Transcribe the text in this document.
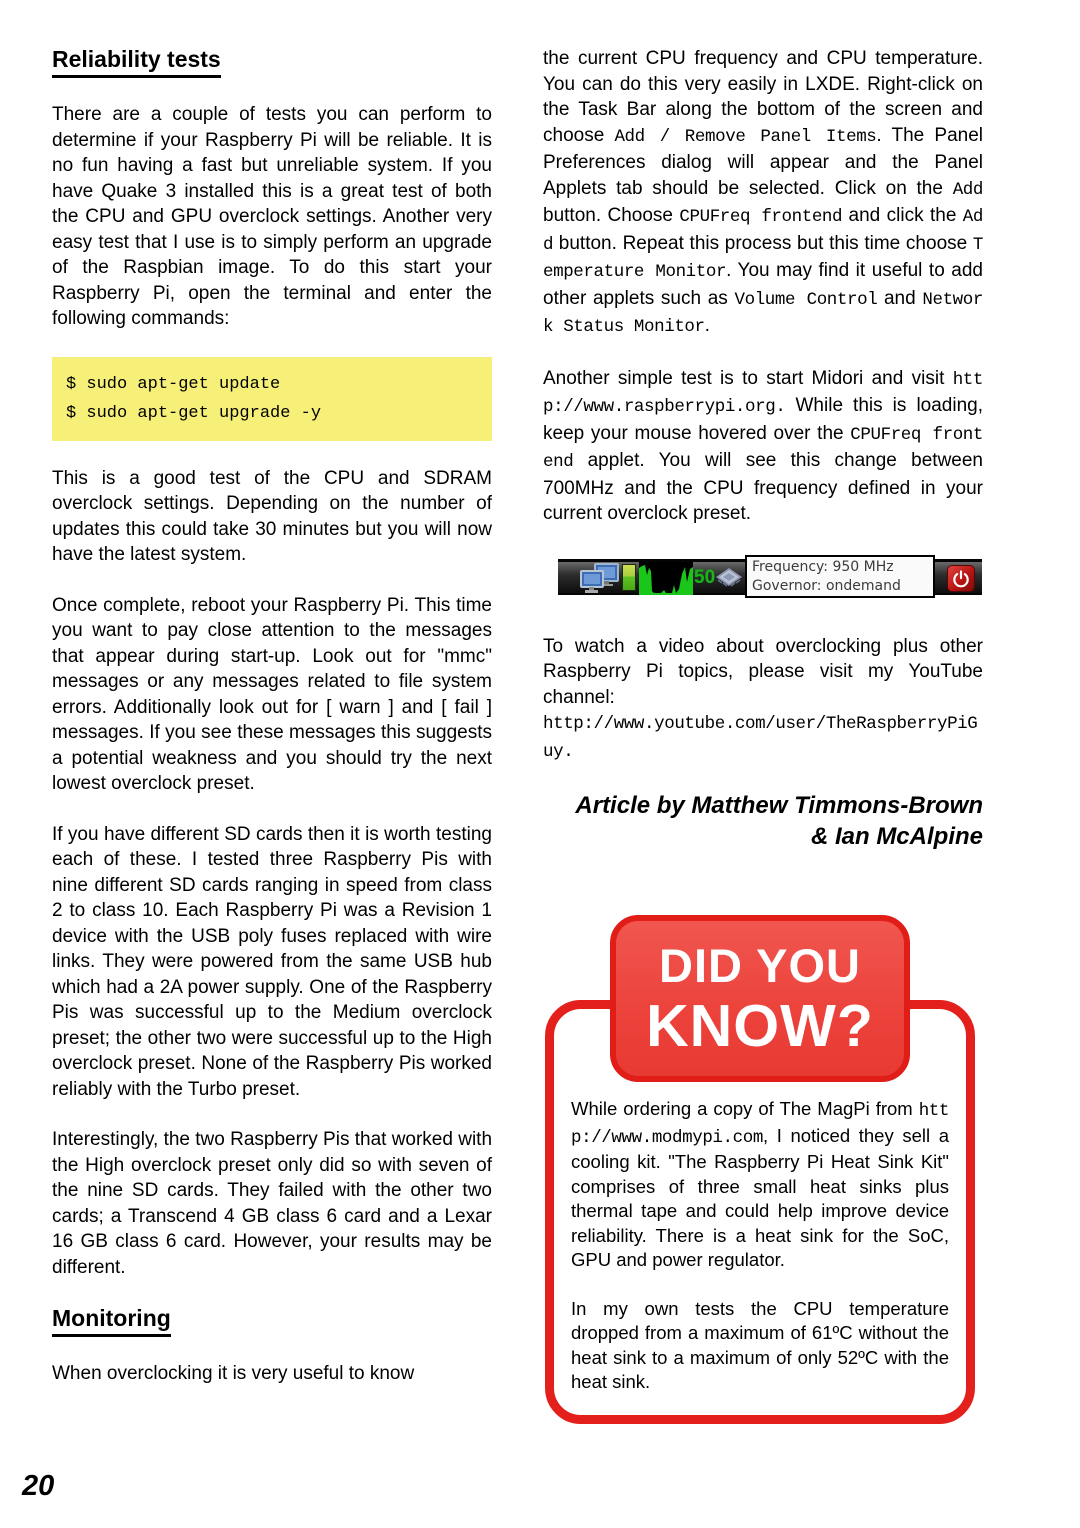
Reliability tests

There are a couple of tests you can perform to determine if your Raspberry Pi will be reliable. It is no fun having a fast but unreliable system. If you have Quake 3 installed this is a great test of both the CPU and GPU overclock settings. Another very easy test that I use is to simply perform an upgrade of the Raspbian image. To do this start your Raspberry Pi, open the terminal and enter the following commands:

$ sudo apt-get update
$ sudo apt-get upgrade -y

This is a good test of the CPU and SDRAM overclock settings. Depending on the number of updates this could take 30 minutes but you will now have the latest system.

Once complete, reboot your Raspberry Pi. This time you want to pay close attention to the messages that appear during start-up. Look out for "mmc" messages or any messages related to file system errors. Additionally look out for [ warn ] and [ fail ] messages. If you see these messages this suggests a potential weakness and you should try the next lowest overclock preset.

If you have different SD cards then it is worth testing each of these. I tested three Raspberry Pis with nine different SD cards ranging in speed from class 2 to class 10. Each Raspberry Pi was a Revision 1 device with the USB poly fuses replaced with wire links. They were powered from the same USB hub which had a 2A power supply. One of the Raspberry Pis was successful up to the Medium overclock preset; the other two were successful up to the High overclock preset. None of the Raspberry Pis worked reliably with the Turbo preset.

Interestingly, the two Raspberry Pis that worked with the High overclock preset only did so with seven of the nine SD cards. They failed with the other two cards; a Transcend 4 GB class 6 card and a Lexar 16 GB class 6 card. However, your results may be different.

Monitoring

When overclocking it is very useful to know

the current CPU frequency and CPU temperature. You can do this very easily in LXDE. Right-click on the Task Bar along the bottom of the screen and choose Add / Remove Panel Items. The Panel Preferences dialog will appear and the Panel Applets tab should be selected. Click on the Add button. Choose CPUFreq frontend and click the Add button. Repeat this process but this time choose Temperature Monitor. You may find it useful to add other applets such as Volume Control and Network Status Monitor.

Another simple test is to start Midori and visit http://www.raspberrypi.org. While this is loading, keep your mouse hovered over the CPUFreq frontend applet. You will see this change between 700MHz and the CPU frequency defined in your current overclock preset.

50	Frequency: 950 MHz
Governor: ondemand

To watch a video about overclocking plus other Raspberry Pi topics, please visit my YouTube channel:
http://www.youtube.com/user/TheRaspberryPiGuy.

Article by Matthew Timmons-Brown
& Ian McAlpine
DID YOU
KNOW?

While ordering a copy of The MagPi from http://www.modmypi.com, I noticed they sell a cooling kit. "The Raspberry Pi Heat Sink Kit" comprises of three small heat sinks plus thermal tape and could help improve device reliability. There is a heat sink for the SoC, GPU and power regulator.

In my own tests the CPU temperature dropped from a maximum of 61ºC without the heat sink to a maximum of only 52ºC with the heat sink.

20
